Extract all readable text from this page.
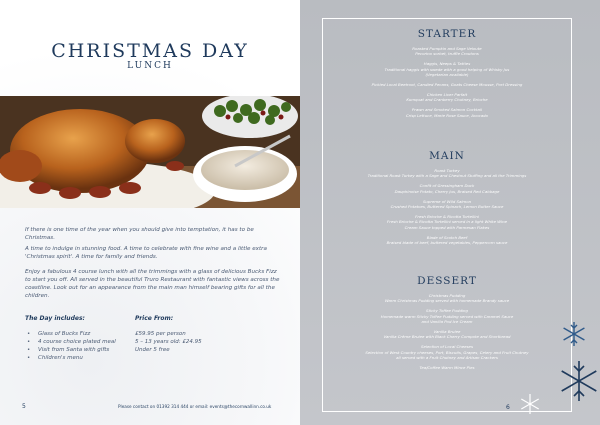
CHRISTMAS DAY
LUNCH
If there is one time of the year when you should give into temptation, it has to be Christmas.
A time to indulge in stunning food. A time to celebrate with fine wine and a little extra 'Christmas spirit'. A time for family and friends.
Enjoy a fabulous 4 course lunch with all the trimmings with a glass of delicious Bucks Fizz to start you off. All served in the beautiful Truro Restaurant with fantastic views across the coastline. Look out for an appearance from the main man himself bearing gifts for all the children.
The Day includes:
• Glass of Bucks Fizz
• 4 course choice plated meal
• Visit from Santa with gifts
• Children's menu
Price From:
£59.95 per person
5 – 13 years old: £24.95
Under 5 free
5	Please contact on 01392 314 444 or email: events@thecornwallinn.co.uk
STARTER
Roasted Pumpkin and Sage Veloute
Pecorino sorbet, truffle Croutons
Haggis, Neeps & Tatties
Traditional haggis with swede with a good helping of Whisky Jus
(Vegetarian available)
Pickled Local Beetroot, Candied Pecans, Goats Cheese Mousse, Port Dressing
Chicken Liver Parfait
Kumquat and Cranberry Chutney, Brioche
Prawn and Smoked Salmon Cocktail
Crisp Lettuce, Marie Rose Sauce, Avocado
MAIN
Roast Turkey
Traditional Roast Turkey with a Sage and Chestnut Stuffing and all the Trimmings
Confit of Gressingham Duck
Dauphinoise Potato, Cherry Jus, Braised Red Cabbage
Supreme of Wild Salmon
Crushed Potatoes, Buttered Spinach, Lemon Butter Sauce
Fresh Brioche & Ricotta Tortellini
Fresh Brioche & Ricotta Tortellini served in a light White Wine
Cream Sauce topped with Parmesan Flakes
Blade of Scotch Beef
Braised blade of beef, buttered vegetables, Peppercorn sauce
DESSERT
Christmas Pudding
Warm Christmas Pudding served with homemade Brandy sauce
Sticky Toffee Pudding
Homemade warm Sticky Toffee Pudding served with Caramel Sauce
and Vanilla Pod Ice Cream
Vanilla Brulee
Vanilla Crème Brulee with Black Cherry Compote and Shortbread
Selection of Local Cheeses
Selection of West Country cheeses, Port, Biscuits, Grapes, Celery and Fruit Chutney
all served with a Fruit Chutney and Artisan Crackers
Tea/Coffee Warm Mince Pies
6
